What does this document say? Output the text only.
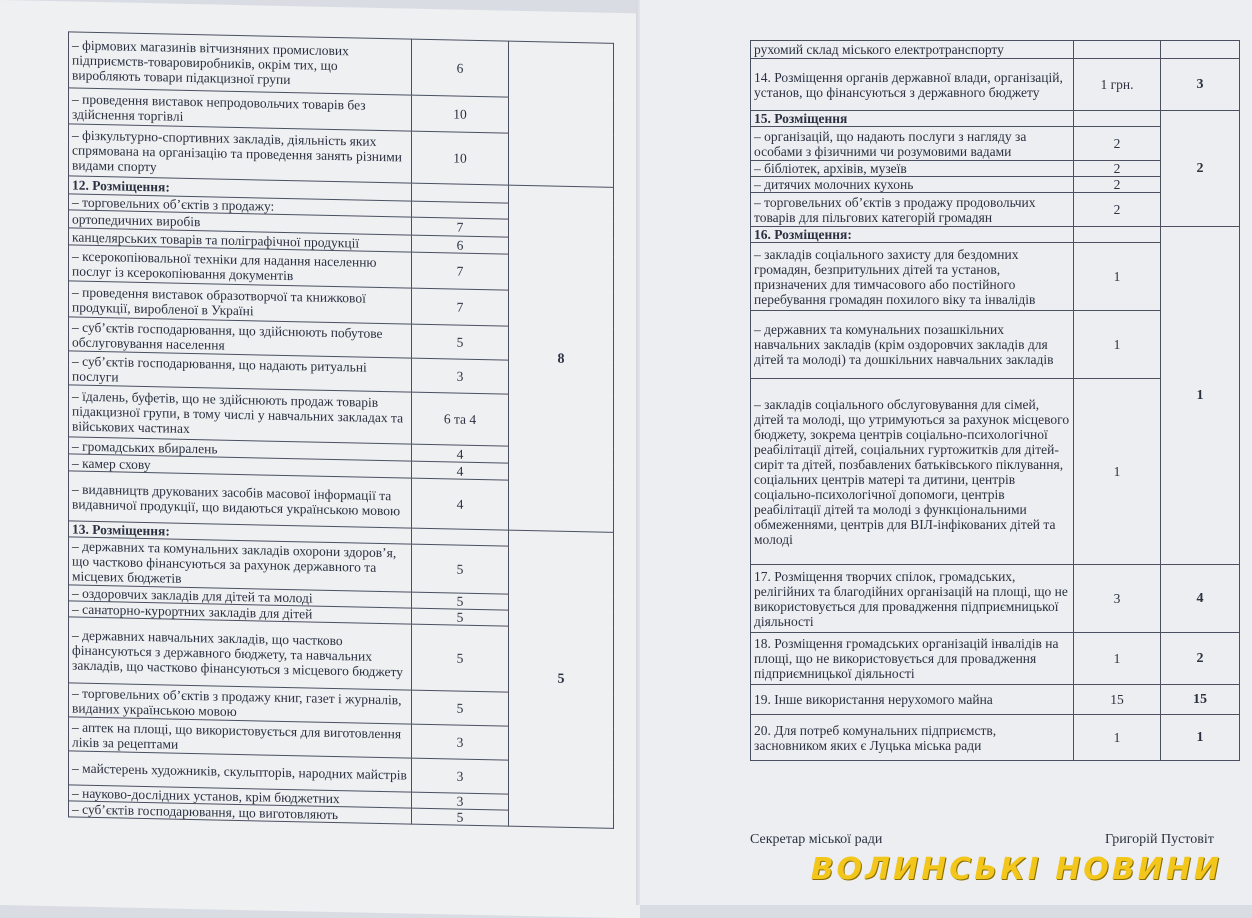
– фірмових магазинів вітчизняних промислових підприємств-товаровиробників, окрім тих, що виробляють товари підакцизної групи	6	
– проведення виставок непродовольчих товарів без здійснення торгівлі	10	
– фізкультурно-спортивних закладів, діяльність яких спрямована на організацію та проведення занять різними видами спорту	10	
12. Розміщення:		8
– торговельних об’єктів з продажу:		
ортопедичних виробів	7	
канцелярських товарів та поліграфічної продукції	6	
– ксерокопіювальної техніки для надання населенню послуг із ксерокопіювання документів	7	
– проведення виставок образотворчої та книжкової продукції, виробленої в Україні	7	
– суб’єктів господарювання, що здійснюють побутове обслуговування населення	5	
– суб’єктів господарювання, що надають ритуальні послуги	3	
– їдалень, буфетів, що не здійснюють продаж товарів підакцизної групи, в тому числі у навчальних закладах та військових частинах	6 та 4	
– громадських вбиралень	4	
– камер схову	4	
– видавництв друкованих засобів масової інформації та видавничої продукції, що видаються українською мовою	4	
13. Розміщення:		5
– державних та комунальних закладів охорони здоров’я, що частково фінансуються за рахунок державного та місцевих бюджетів	5	
– оздоровчих закладів для дітей та молоді	5	
– санаторно-курортних закладів для дітей	5	
– державних навчальних закладів, що частково фінансуються з державного бюджету, та навчальних закладів, що частково фінансуються з місцевого бюджету	5	
– торговельних об’єктів з продажу книг, газет і журналів, виданих українською мовою	5	
– аптек на площі, що використовується для виготовлення ліків за рецептами	3	
– майстерень художників, скульпторів, народних майстрів	3	
– науково-дослідних установ, крім бюджетних	3	
– суб’єктів господарювання, що виготовляють	5	
рухомий склад міського електротранспорту		
14. Розміщення органів державної влади, організацій, установ, що фінансуються з державного бюджету	1 грн.	3
15. Розміщення		2
– організацій, що надають послуги з нагляду за особами з фізичними чи розумовими вадами	2	
– бібліотек, архівів, музеїв	2	
– дитячих молочних кухонь	2	
– торговельних об’єктів з продажу продовольчих товарів для пільгових категорій громадян	2	
16. Розміщення:		1
– закладів соціального захисту для бездомних громадян, безпритульних дітей та установ, призначених для тимчасового або постійного перебування громадян похилого віку та інвалідів	1	
– державних та комунальних позашкільних навчальних закладів (крім оздоровчих закладів для дітей та молоді) та дошкільних навчальних закладів	1	
– закладів соціального обслуговування для сімей, дітей та молоді, що утримуються за рахунок місцевого бюджету, зокрема центрів соціально-психологічної реабілітації дітей, соціальних гуртожитків для дітей-сиріт та дітей, позбавлених батьківського піклування, соціальних центрів матері та дитини, центрів соціально-психологічної допомоги, центрів реабілітації дітей та молоді з функціональними обмеженнями, центрів для ВІЛ-інфікованих дітей та молоді	1	
17. Розміщення творчих спілок, громадських, релігійних та благодійних організацій на площі, що не використовується для провадження підприємницької діяльності	3	4
18. Розміщення громадських організацій інвалідів на площі, що не використовується для провадження підприємницької діяльності	1	2
19. Інше використання нерухомого майна	15	15
20. Для потреб комунальних підприємств, засновником яких є Луцька міська ради	1	1
Секретар міської ради	Григорій Пустовіт
ВОЛИНСЬКІ НОВИНИ
